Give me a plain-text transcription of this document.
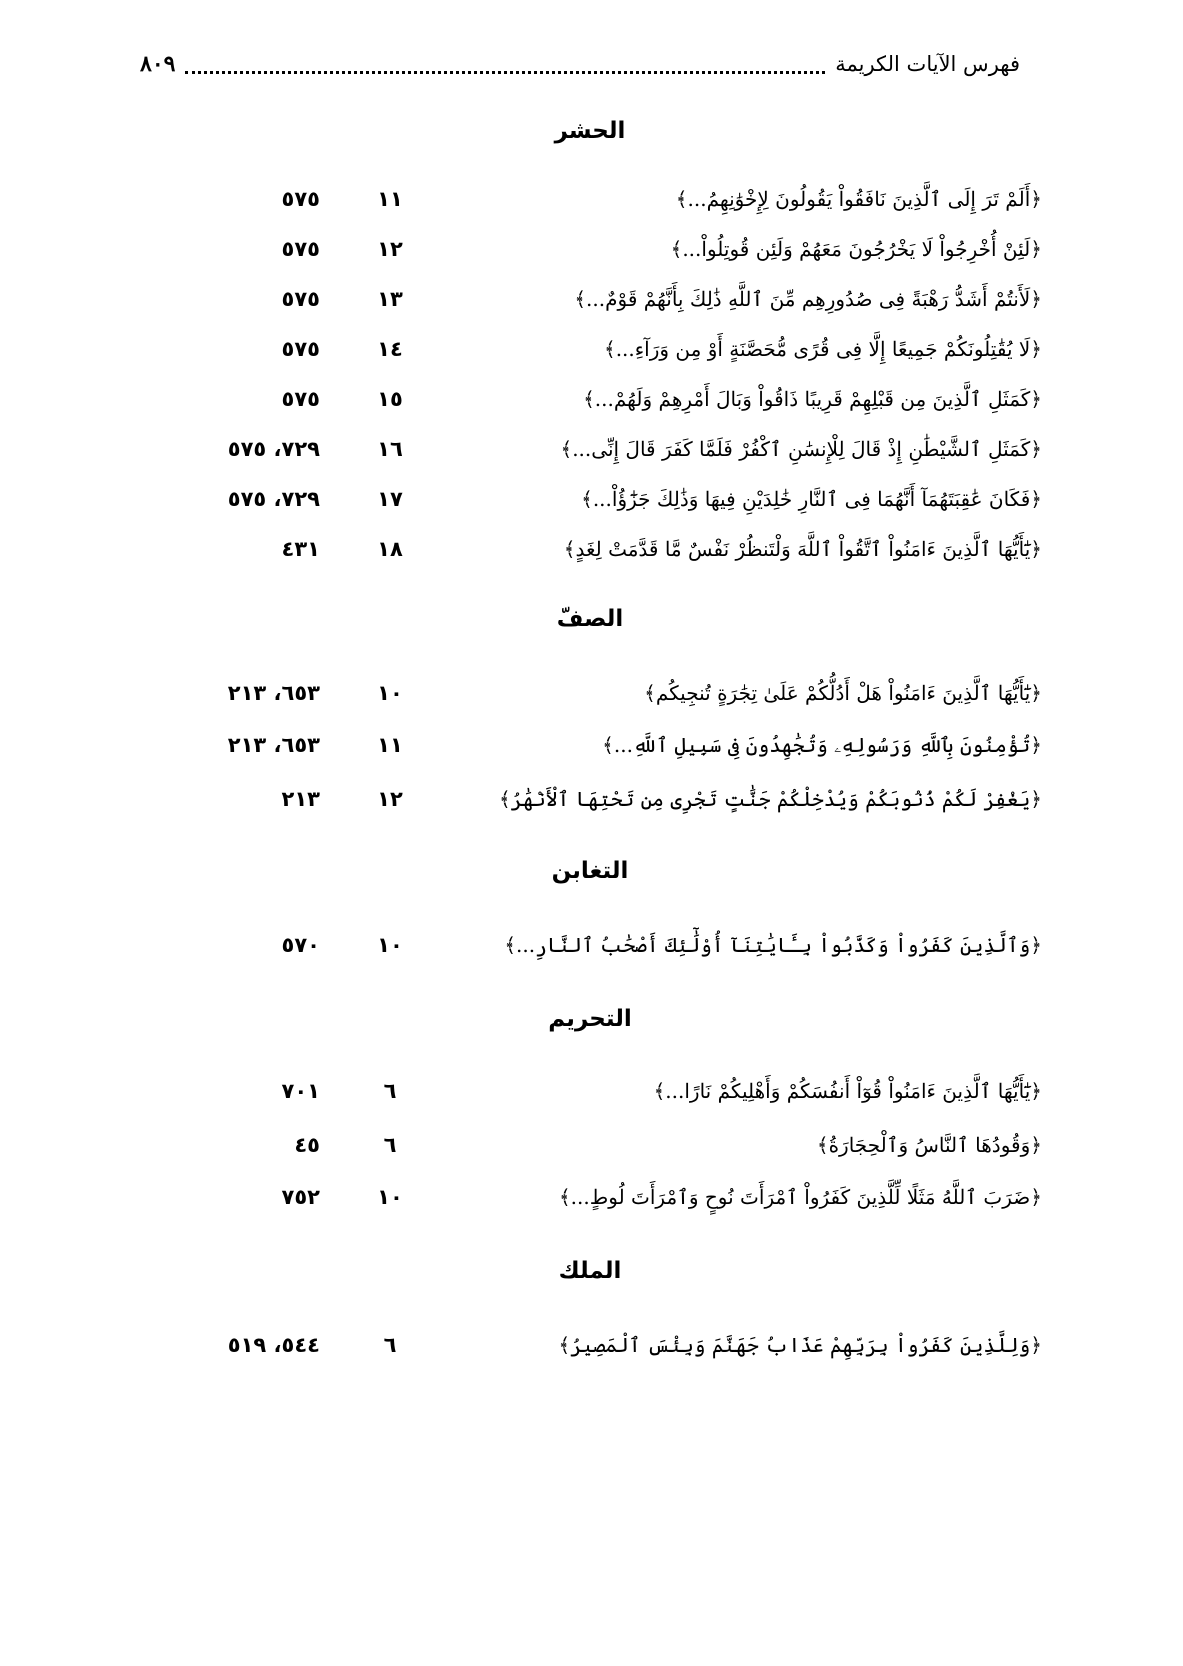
فهرس الآيات الكريمة
٨٠٩
الحشر
﴿أَلَمْ تَرَ إِلَى ٱلَّذِينَ نَافَقُواْ يَقُولُونَ لِإِخْوَٰنِهِمُ...﴾
١١
٥٧٥
﴿لَئِنْ أُخْرِجُواْ لَا يَخْرُجُونَ مَعَهُمْ وَلَئِن قُوتِلُواْ...﴾
١٢
٥٧٥
﴿لَأَنتُمْ أَشَدُّ رَهْبَةً فِى صُدُورِهِم مِّنَ ٱللَّهِ ذَٰلِكَ بِأَنَّهُمْ قَوْمٌ...﴾
١٣
٥٧٥
﴿لَا يُقَٰتِلُونَكُمْ جَمِيعًا إِلَّا فِى قُرًى مُّحَصَّنَةٍ أَوْ مِن وَرَآءِ...﴾
١٤
٥٧٥
﴿كَمَثَلِ ٱلَّذِينَ مِن قَبْلِهِمْ قَرِيبًا ذَاقُواْ وَبَالَ أَمْرِهِمْ وَلَهُمْ...﴾
١٥
٥٧٥
﴿كَمَثَلِ ٱلشَّيْطَٰنِ إِذْ قَالَ لِلْإِنسَٰنِ ٱكْفُرْ فَلَمَّا كَفَرَ قَالَ إِنِّى...﴾
١٦
٧٢٩، ٥٧٥
﴿فَكَانَ عَٰقِبَتَهُمَآ أَنَّهُمَا فِى ٱلنَّارِ خَٰلِدَيْنِ فِيهَا وَذَٰلِكَ جَزَٰٓؤُاْ...﴾
١٧
٧٢٩، ٥٧٥
﴿يَٰٓأَيُّهَا ٱلَّذِينَ ءَامَنُواْ ٱتَّقُواْ ٱللَّهَ وَلْتَنظُرْ نَفْسٌ مَّا قَدَّمَتْ لِغَدٍ﴾
١٨
٤٣١
الصفّ
﴿يَٰٓأَيُّهَا ٱلَّذِينَ ءَامَنُواْ هَلْ أَدُلُّكُمْ عَلَىٰ تِجَٰرَةٍ تُنجِيكُم﴾
١٠
٦٥٣، ٢١٣
﴿تُؤْمِنُونَ بِٱللَّهِ وَرَسُولِهِۦ وَتُجَٰهِدُونَ فِى سَبِيلِ ٱللَّهِ...﴾
١١
٦٥٣، ٢١٣
﴿يَغْفِرْ لَكُمْ ذُنُوبَكُمْ وَيُدْخِلْكُمْ جَنَّٰتٍ تَجْرِى مِن تَحْتِهَا ٱلْأَنْهَٰرُ﴾
١٢
٢١٣
التغابن
﴿وَٱلَّذِينَ كَفَرُواْ وَكَذَّبُواْ بِـَٔايَٰتِنَآ أُوْلَٰٓئِكَ أَصْحَٰبُ ٱلنَّارِ...﴾
١٠
٥٧٠
التحريم
﴿يَٰٓأَيُّهَا ٱلَّذِينَ ءَامَنُواْ قُوٓاْ أَنفُسَكُمْ وَأَهْلِيكُمْ نَارًا...﴾
٦
٧٠١
﴿وَقُودُهَا ٱلنَّاسُ وَٱلْحِجَارَةُ﴾
٦
٤٥
﴿ضَرَبَ ٱللَّهُ مَثَلًا لِّلَّذِينَ كَفَرُواْ ٱمْرَأَتَ نُوحٍ وَٱمْرَأَتَ لُوطٍ...﴾
١٠
٧٥٢
الملك
﴿وَلِلَّذِينَ كَفَرُواْ بِرَبِّهِمْ عَذَابُ جَهَنَّمَ وَبِئْسَ ٱلْمَصِيرُ﴾
٦
٥٤٤، ٥١٩
